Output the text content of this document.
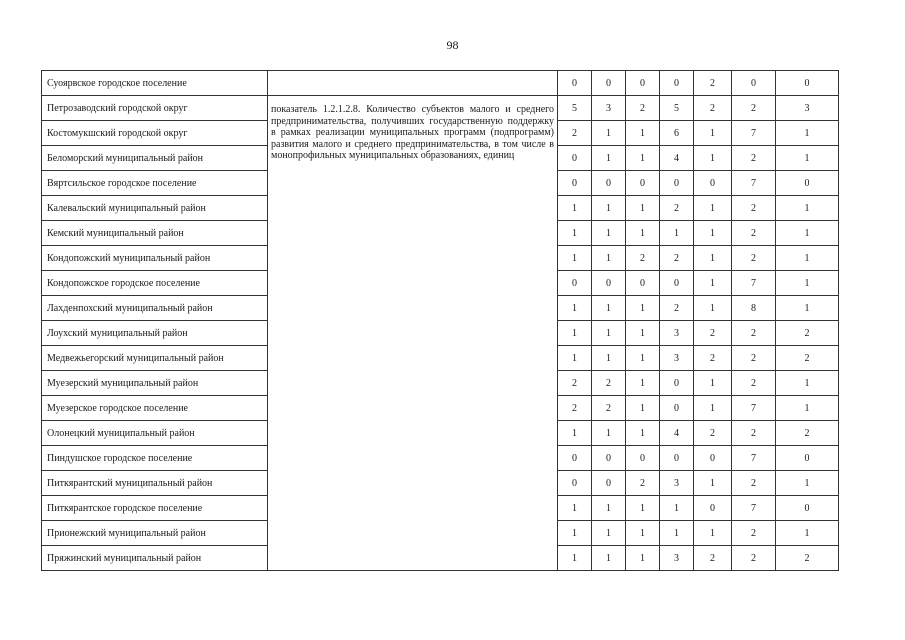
98
Суоярвское городское поселение		0	0	0	0	2	0	0
Петрозаводский городской округ	показатель 1.2.1.2.8. Количество субъектов малого и среднего предпринимательства, получивших государственную поддержку в рамках реализации муниципальных программ (подпрограмм) развития малого и среднего предпринимательства, в том числе в монопрофильных муниципальных образованиях, единиц	5	3	2	5	2	2	3
Костомукшский городской округ		2	1	1	6	1	7	1
Беломорский муниципальный район		0	1	1	4	1	2	1
Вяртсильское городское поселение		0	0	0	0	0	7	0
Калевальский муниципальный район		1	1	1	2	1	2	1
Кемский муниципальный район		1	1	1	1	1	2	1
Кондопожский муниципальный район		1	1	2	2	1	2	1
Кондопожское городское поселение		0	0	0	0	1	7	1
Лахденпохский муниципальный район		1	1	1	2	1	8	1
Лоухский муниципальный район		1	1	1	3	2	2	2
Медвежьегорский муниципальный район		1	1	1	3	2	2	2
Муезерский муниципальный район		2	2	1	0	1	2	1
Муезерское городское поселение		2	2	1	0	1	7	1
Олонецкий муниципальный район		1	1	1	4	2	2	2
Пиндушское городское поселение		0	0	0	0	0	7	0
Питкярантский муниципальный район		0	0	2	3	1	2	1
Питкярантское городское поселение		1	1	1	1	0	7	0
Прионежский муниципальный район		1	1	1	1	1	2	1
Пряжинский муниципальный район		1	1	1	3	2	2	2
